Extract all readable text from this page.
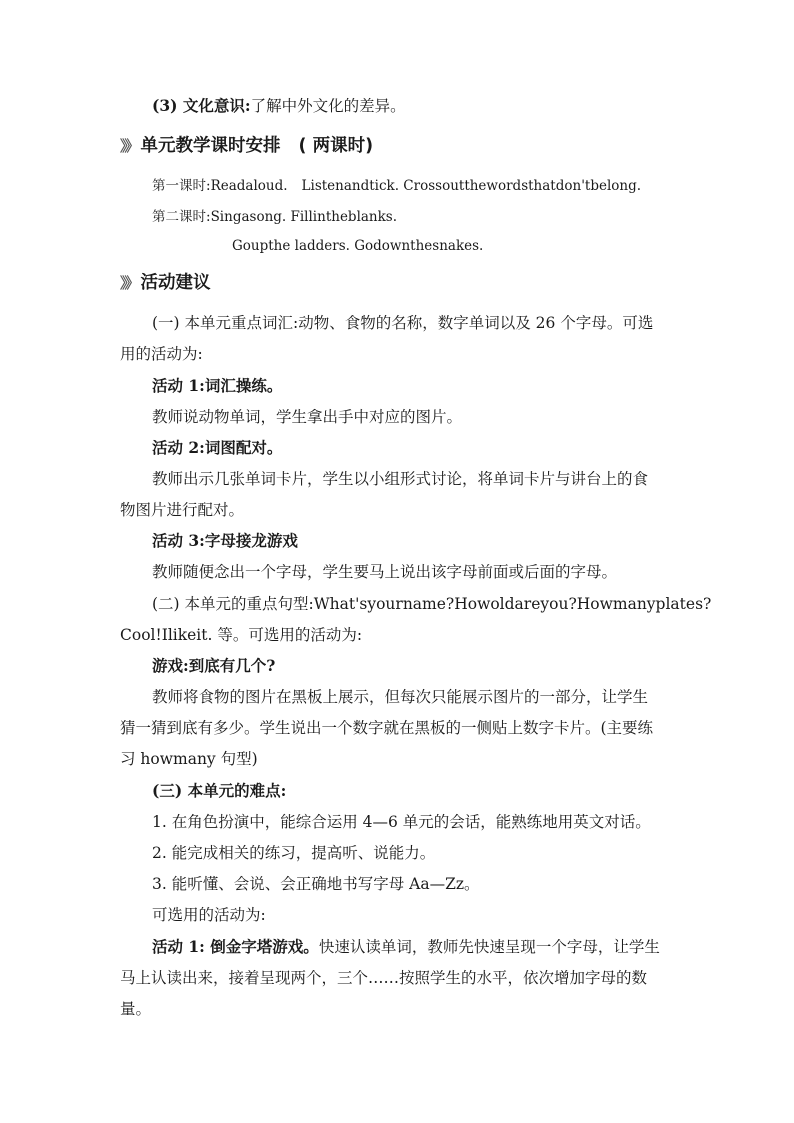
(3) 文化意识:了解中外文化的差异。
》》 单元教学课时安排 ( 两课时)
第一课时:Readaloud. Listenandtick. Crossoutthewordsthatdon'tbelong.
第二课时:Singasong. Fillintheblanks.
Goupthe ladders. Godownthesnakes.
》》 活动建议
(一) 本单元重点词汇:动物、食物的名称，数字单词以及 26 个字母。可选
用的活动为:
活动 1:词汇操练。
教师说动物单词，学生拿出手中对应的图片。
活动 2:词图配对。
教师出示几张单词卡片，学生以小组形式讨论，将单词卡片与讲台上的食
物图片进行配对。
活动 3:字母接龙游戏
教师随便念出一个字母，学生要马上说出该字母前面或后面的字母。
(二) 本单元的重点句型:What'syourname?Howoldareyou?Howmanyplates?
Cool!Ilikeit. 等。可选用的活动为:
游戏:到底有几个?
教师将食物的图片在黑板上展示，但每次只能展示图片的一部分，让学生
猜一猜到底有多少。学生说出一个数字就在黑板的一侧贴上数字卡片。(主要练
习 howmany 句型)
(三) 本单元的难点:
1. 在角色扮演中，能综合运用 4—6 单元的会话，能熟练地用英文对话。
2. 能完成相关的练习，提高听、说能力。
3. 能听懂、会说、会正确地书写字母 Aa—Zz。
可选用的活动为:
活动 1: 倒金字塔游戏。快速认读单词，教师先快速呈现一个字母，让学生
马上认读出来，接着呈现两个，三个……按照学生的水平，依次增加字母的数
量。
